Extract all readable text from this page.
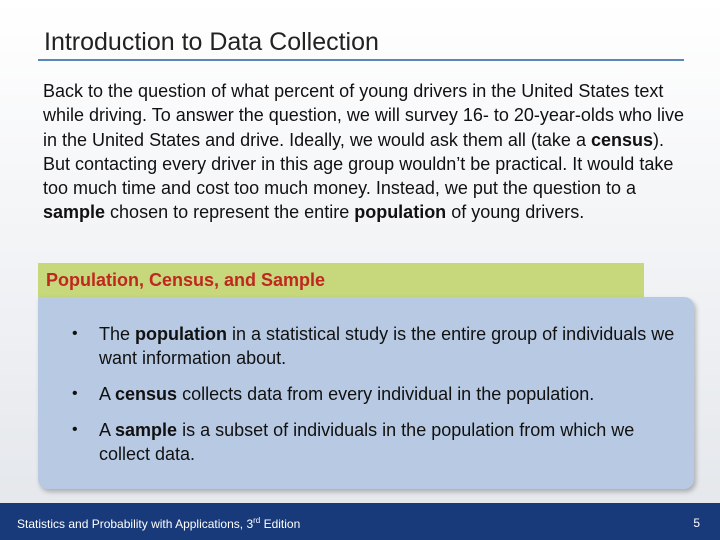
Introduction to Data Collection

Back to the question of what percent of young drivers in the United States text while driving. To answer the question, we will survey 16- to 20-year-olds who live in the United States and drive. Ideally, we would ask them all (take a census). But contacting every driver in this age group wouldn’t be practical. It would take too much time and cost too much money. Instead, we put the question to a sample chosen to represent the entire population of young drivers.

Population, Census, and Sample
• The population in a statistical study is the entire group of individuals we want information about.
• A census collects data from every individual in the population.
• A sample is a subset of individuals in the population from which we collect data.
Statistics and Probability with Applications, 3rd Edition	5
